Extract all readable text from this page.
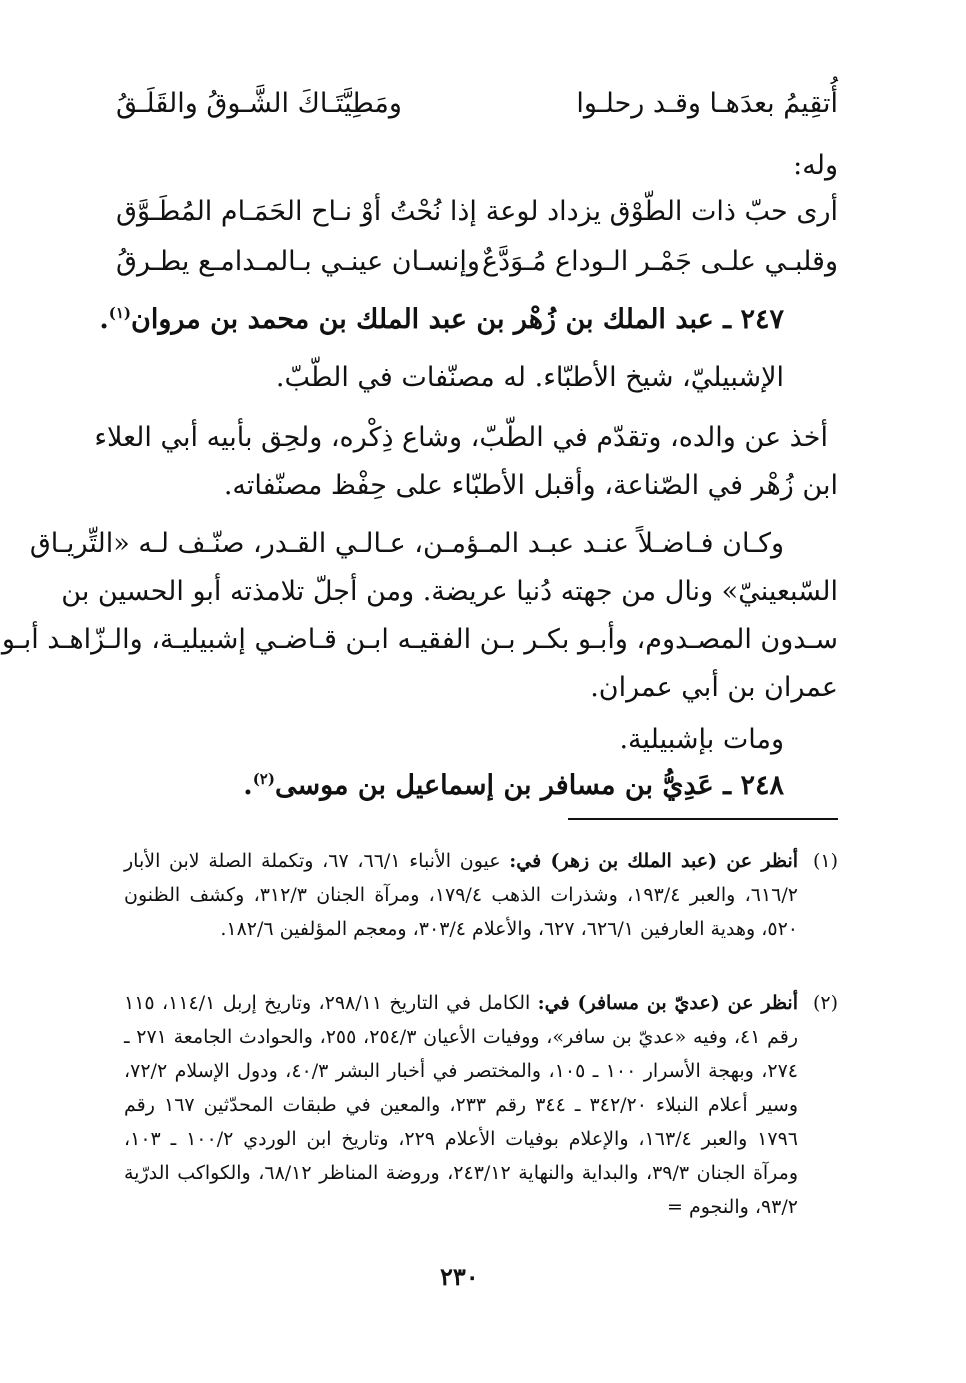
أُتقِيمُ بعدَهـا وقـد رحلـوا
ومَطِيَّتَـاكَ الشَّـوقُ والقَلَـقُ
وله:
أرى حبّ ذات الطّوْق يزداد لوعة
إذا نُحْتُ أوْ نـاح الحَمَـام المُطَـوَّق
وقلبـي علـى جَمْـر الـوداع مُـوَدَّعٌ
وإنسـان عينـي بـالمـدامـع يطـرقُ
٢٤٧ ـ عبد الملك بن زُهْر بن عبد الملك بن محمد بن مروان$^{(١)}$.
الإشبيليّ، شيخ الأطبّاء. له مصنّفات في الطّبّ.
أخذ عن والده، وتقدّم في الطّبّ، وشاع ذِكْره، ولحِق بأبيه أبي العلاء
ابن زُهْر في الصّناعة، وأقبل الأطبّاء على حِفْظ مصنّفاته.
وكـان فـاضـلاً عنـد عبـد المـؤمـن، عـالـي القـدر، صنّـف لـه «التِّريـاق
السّبعينيّ» ونال من جهته دُنيا عريضة. ومن أجلّ تلامذته أبو الحسين بن
سـدون المصـدوم، وأبـو بكـر بـن الفقيـه ابـن قـاضـي إشبيليـة، والـزّاهـد أبـو
عمران بن أبي عمران.
ومات بإشبيلية.
٢٤٨ ـ عَدِيُّ بن مسافر بن إسماعيل بن موسى$^{(٢)}$.
(١)
أنظر عن (عبد الملك بن زهر) في: عيون الأنباء ٦٦/١، ٦٧، وتكملة الصلة لابن الأبار ٦١٦/٢، والعبر ١٩٣/٤، وشذرات الذهب ١٧٩/٤، ومرآة الجنان ٣١٢/٣، وكشف الظنون ٥٢٠، وهدية العارفين ٦٢٦/١، ٦٢٧، والأعلام ٣٠٣/٤، ومعجم المؤلفين ١٨٢/٦.
(٢)
أنظر عن (عديّ بن مسافر) في: الكامل في التاريخ ٢٩٨/١١، وتاريخ إربل ١١٤/١، ١١٥ رقم ٤١، وفيه «عديّ بن سافر»، ووفيات الأعيان ٢٥٤/٣، ٢٥٥، والحوادث الجامعة ٢٧١ ـ ٢٧٤، وبهجة الأسرار ١٠٠ ـ ١٠٥، والمختصر في أخبار البشر ٤٠/٣، ودول الإسلام ٧٢/٢، وسير أعلام النبلاء ٣٤٢/٢٠ ـ ٣٤٤ رقم ٢٣٣، والمعين في طبقات المحدّثين ١٦٧ رقم ١٧٩٦ والعبر ١٦٣/٤، والإعلام بوفيات الأعلام ٢٢٩، وتاريخ ابن الوردي ١٠٠/٢ ـ ١٠٣، ومرآة الجنان ٣٩/٣، والبداية والنهاية ٢٤٣/١٢، وروضة المناظر ٦٨/١٢، والكواكب الدرّية ٩٣/٢، والنجوم =
٢٣٠
